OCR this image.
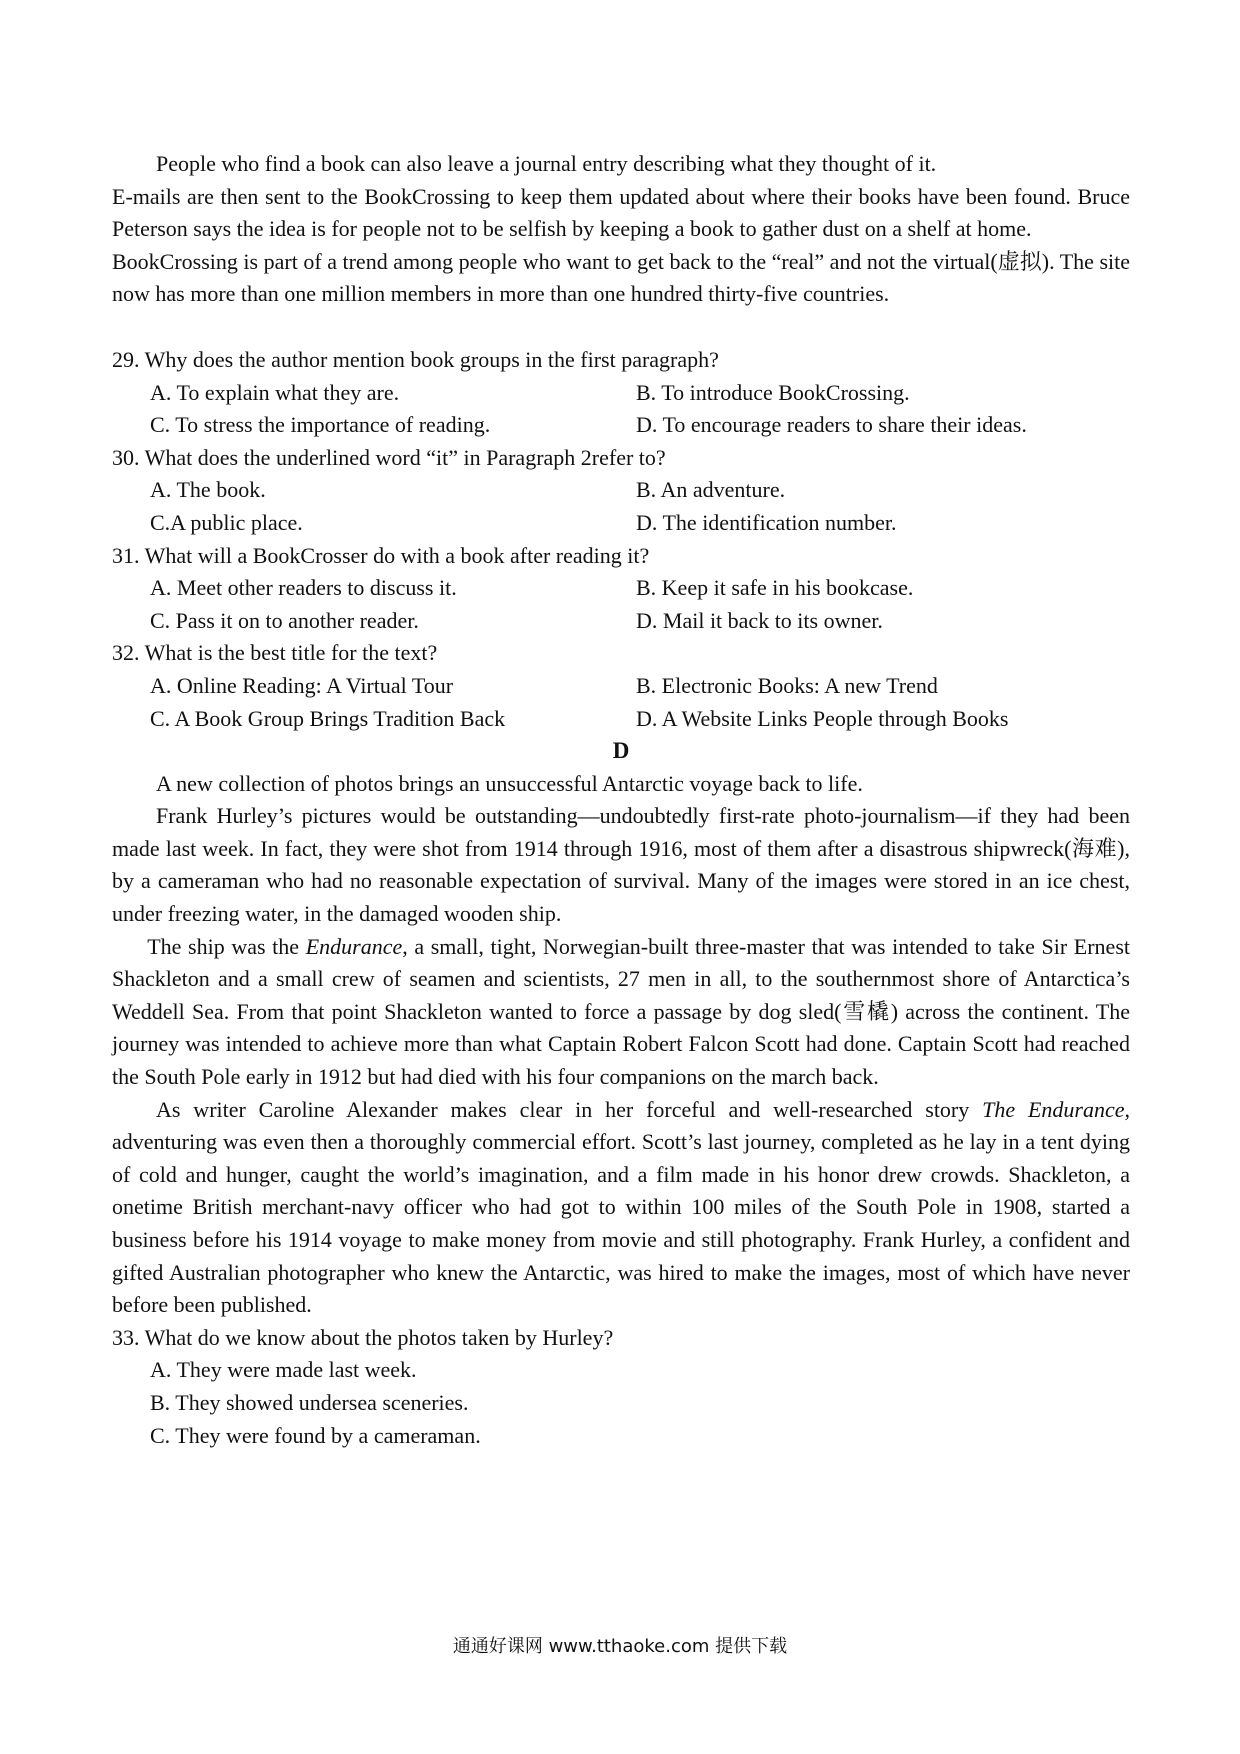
People who find a book can also leave a journal entry describing what they thought of it.

E-mails are then sent to the BookCrossing to keep them updated about where their books have been found. Bruce Peterson says the idea is for people not to be selfish by keeping a book to gather dust on a shelf at home.

BookCrossing is part of a trend among people who want to get back to the “real” and not the virtual(虚拟). The site now has more than one million members in more than one hundred thirty-five countries.

29. Why does the author mention book groups in the first paragraph?

A. To explain what they are.	B. To introduce BookCrossing.

C. To stress the importance of reading.	D. To encourage readers to share their ideas.

30. What does the underlined word “it” in Paragraph 2refer to?

A. The book.	B. An adventure.

C.A public place.	D. The identification number.

31. What will a BookCrosser do with a book after reading it?

A. Meet other readers to discuss it.	B. Keep it safe in his bookcase.

C. Pass it on to another reader.	D. Mail it back to its owner.

32. What is the best title for the text?

A. Online Reading: A Virtual Tour	B. Electronic Books: A new Trend

C. A Book Group Brings Tradition Back	D. A Website Links People through Books

D

A new collection of photos brings an unsuccessful Antarctic voyage back to life.

Frank Hurley’s pictures would be outstanding—undoubtedly first-rate photo-journalism—if they had been made last week. In fact, they were shot from 1914 through 1916, most of them after a disastrous shipwreck(海难), by a cameraman who had no reasonable expectation of survival. Many of the images were stored in an ice chest, under freezing water, in the damaged wooden ship.

The ship was the Endurance, a small, tight, Norwegian-built three-master that was intended to take Sir Ernest Shackleton and a small crew of seamen and scientists, 27 men in all, to the southernmost shore of Antarctica’s Weddell Sea. From that point Shackleton wanted to force a passage by dog sled(雪橇) across the continent. The journey was intended to achieve more than what Captain Robert Falcon Scott had done. Captain Scott had reached the South Pole early in 1912 but had died with his four companions on the march back.

As writer Caroline Alexander makes clear in her forceful and well-researched story The Endurance, adventuring was even then a thoroughly commercial effort. Scott’s last journey, completed as he lay in a tent dying of cold and hunger, caught the world’s imagination, and a film made in his honor drew crowds. Shackleton, a onetime British merchant-navy officer who had got to within 100 miles of the South Pole in 1908, started a business before his 1914 voyage to make money from movie and still photography. Frank Hurley, a confident and gifted Australian photographer who knew the Antarctic, was hired to make the images, most of which have never before been published.

33. What do we know about the photos taken by Hurley?

A. They were made last week.

B. They showed undersea sceneries.

C. They were found by a cameraman.

通通好课网 www.tthaoke.com 提供下载
